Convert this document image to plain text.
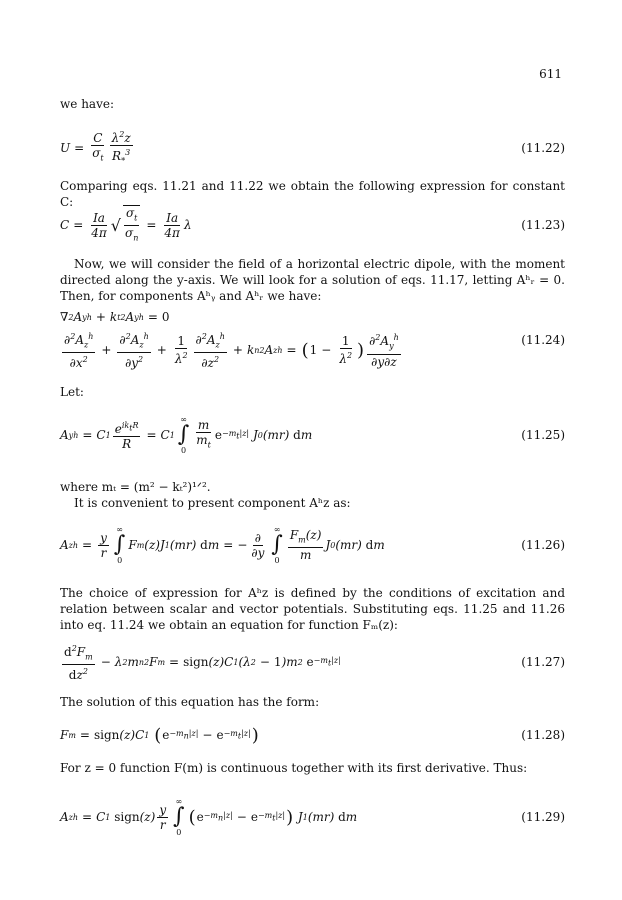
611
we have:
$U = \frac{C}{\sigma_t} \frac{\lambda^2z}{R_*^3}$	(11.22)
Comparing eqs. 11.21 and 11.22 we obtain the following expression for constant C:
$C = \frac{Ia}{4\pi}$ √ $\frac{\sigma_t}{\sigma_n} = \frac{Ia}{4\pi}$ λ	(11.23)
Now, we will consider the field of a horizontal electric dipole, with the moment directed along the y-axis. We will look for a solution of eqs. 11.17, letting Aʰᵣ = 0. Then, for components Aʰᵧ and Aʰᵣ we have:
∇ 2 A y h + k t 2 A y h = 0
$\frac{\partial^2A_z^h}{\partial x^2} + \frac{\partial^2A_z^h}{\partial y^2} + \frac{1}{\lambda^2} \frac{\partial^2A_z^h}{\partial z^2} + k$ n 2 A z h = ( $1 - \frac{1}{\lambda^2}$ ) $\frac{\partial^2A_y^h}{\partial y\partial z}$	(11.24)
Let:
A y h = C $1 \frac{e^{ik_tR}}{R} = C$ 1
∞
∫
$0 \frac{m}{m_t}$ $e -m_t|z|$ J 0 (mr) d m	(11.25)
where mₜ = (m² − kₜ²)¹ᐟ².
It is convenient to present component Aʰz as:
A z $h = \frac{y}{r}$
∞
∫
0
F m (z)J 1 (mr) d m = − $\frac{\partial}{\partial y}$
∞
∫
$0 \frac{F_m(z)}{m}$ J 0 (mr) d m	(11.26)
The choice of expression for Aʰz is defined by the conditions of excitation and relation between scalar and vector potentials. Substituting eqs. 11.25 and 11.26 into eq. 11.24 we obtain an equation for function Fₘ(z):
$\frac{d^2F_m}{dz^2} - \lambda$ 2 m n 2 F m = sign (z)C 1 (λ 2 − 1 )m 2
$e -m_t|z|$	(11.27)
The solution of this equation has the form:
F m = sign (z)C 1
( $e -m_n|z| - e -m_t|z|$ )	(11.28)
For z = 0 function F(m) is continuous together with its first derivative. Thus:
A z h = C 1
sign $(z) \frac{y}{r}$
∞
∫
0
( $e -m_n|z| - e -m_t|z|$ ) J 1 (mr) d m	(11.29)
